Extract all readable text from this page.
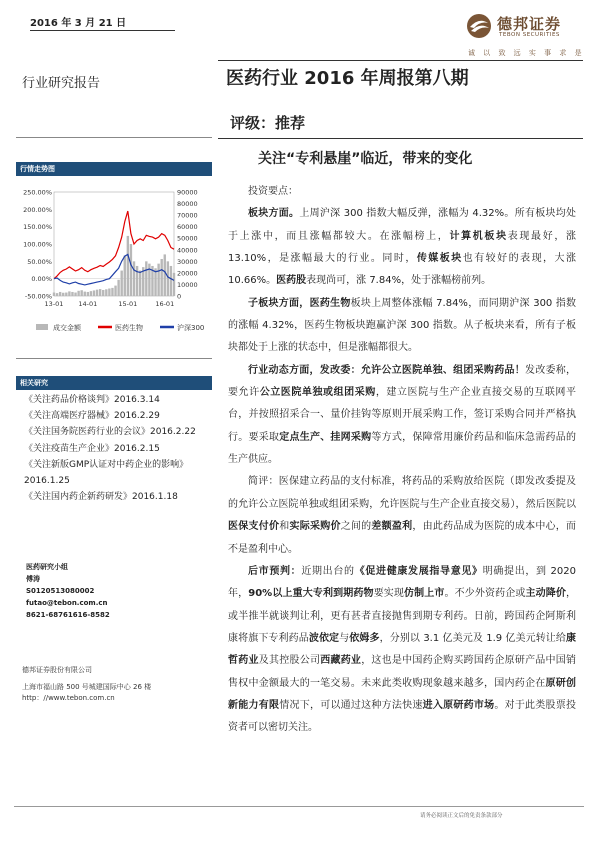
2016 年 3 月 21 日	德邦证券
TEBON SECURITIES
诚 以 致 远 实 事 求 是
行业研究报告	医药行业 2016 年周报第八期
评级：推荐
关注“专利悬崖”临近，带来的变化
行情走势图
250.00%
200.00%
150.00%
100.00%
50.00%
0.00%
-50.00%
90000
80000
70000
60000
50000
40000
30000
20000
10000
0
13-01 14-01	15-01	16-01
成交金额	医药生物	沪深300
相关研究
《关注药品价格谈判》2016.3.14
《关注高端医疗器械》2016.2.29
《关注国务院医药行业的会议》2016.2.22
《关注疫苗生产企业》2016.2.15
《关注新版GMP认证对中药企业的影响》2016.1.25
《关注国内药企新药研发》2016.1.18
医药研究小组
傅涛
S0120513080002
futao@tebon.com.cn
8621-68761616-8582
德邦证券股份有限公司
上海市福山路 500 号城建国际中心 26 楼
http：//www.tebon.com.cn

投资要点：

板块方面。上周沪深 300 指数大幅反弹，涨幅为 4.32%。所有板块均处于上涨中，而且涨幅都较大。在涨幅榜上，计算机板块表现最好，涨 13.10%，是涨幅最大的行业。同时，传媒板块也有较好的表现，大涨 10.66%。医药股表现尚可，涨 7.84%，处于涨幅榜前列。

子板块方面，医药生物板块上周整体涨幅 7.84%，而同期沪深 300 指数的涨幅 4.32%，医药生物板块跑赢沪深 300 指数。从子板块来看，所有子板块都处于上涨的状态中，但是涨幅都很大。

行业动态方面，发改委：允许公立医院单独、组团采购药品！发改委称，要允许公立医院单独或组团采购，建立医院与生产企业直接交易的互联网平台，并按照招采合一、量价挂钩等原则开展采购工作，签订采购合同并严格执行。要采取定点生产、挂网采购等方式，保障常用廉价药品和临床急需药品的生产供应。

简评：医保建立药品的支付标准，将药品的采购放给医院（即发改委提及的允许公立医院单独或组团采购，允许医院与生产企业直接交易），然后医院以医保支付价和实际采购价之间的差额盈利，由此药品成为医院的成本中心，而不是盈利中心。

后市预判：近期出台的《促进健康发展指导意见》明确提出，到 2020 年，90%以上重大专利到期药物要实现仿制上市。不少外资药企或主动降价，或半推半就谈判让利，更有甚者直接抛售到期专利药。日前，跨国药企阿斯利康将旗下专利药品波依定与依姆多，分别以 3.1 亿美元及 1.9 亿美元转让给康哲药业及其控股公司西藏药业，这也是中国药企购买跨国药企原研产品中国销售权中金额最大的一笔交易。未来此类收购现象越来越多，国内药企在原研创新能力有限情况下，可以通过这种方法快速进入原研药市场。对于此类股票投资者可以密切关注。

请务必阅读正文后的免责条款部分
